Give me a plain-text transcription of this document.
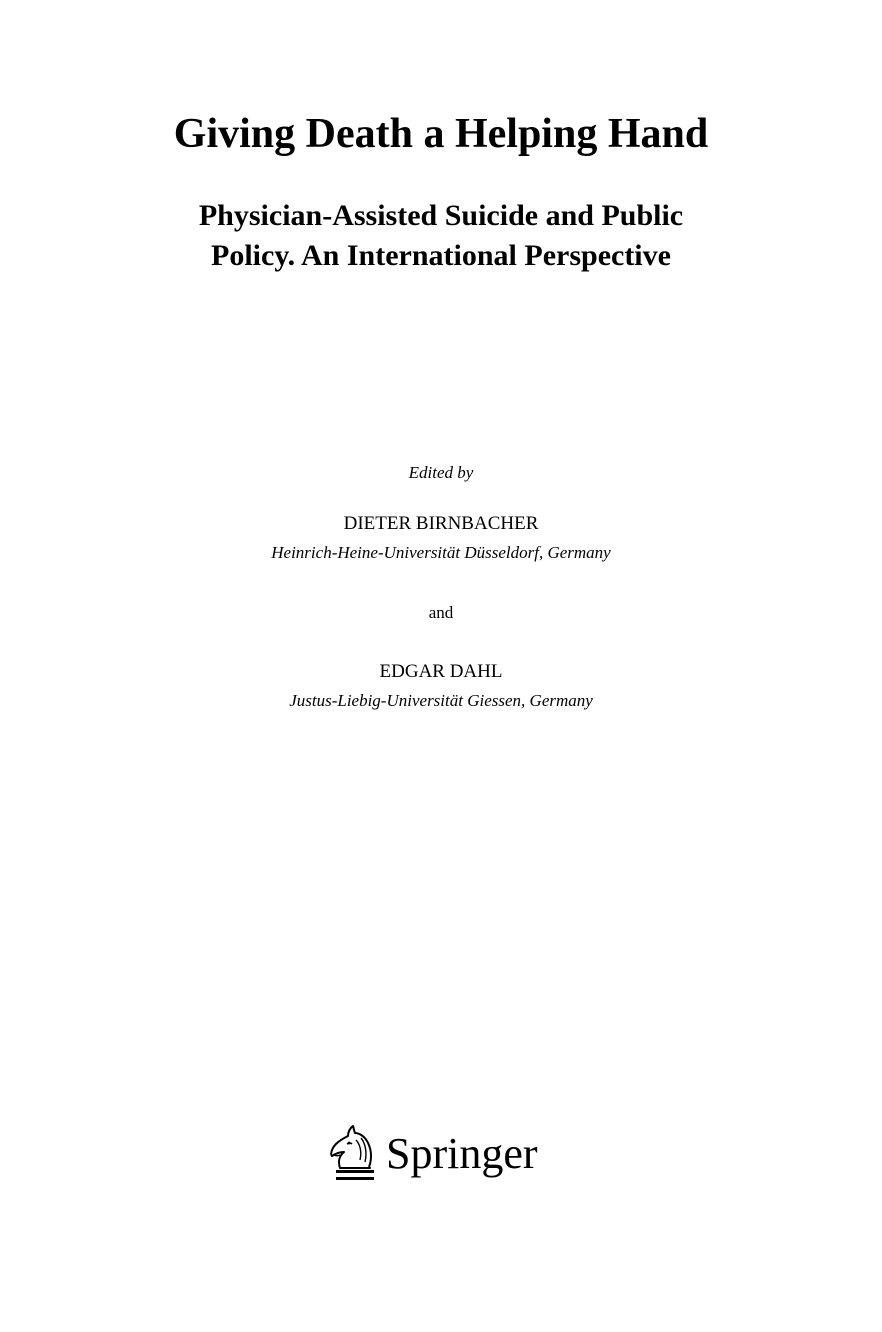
Giving Death a Helping Hand
Physician-Assisted Suicide and Public
Policy. An International Perspective
Edited by
DIETER BIRNBACHER
Heinrich-Heine-Universität Düsseldorf, Germany
and
EDGAR DAHL
Justus-Liebig-Universität Giessen, Germany
Springer
